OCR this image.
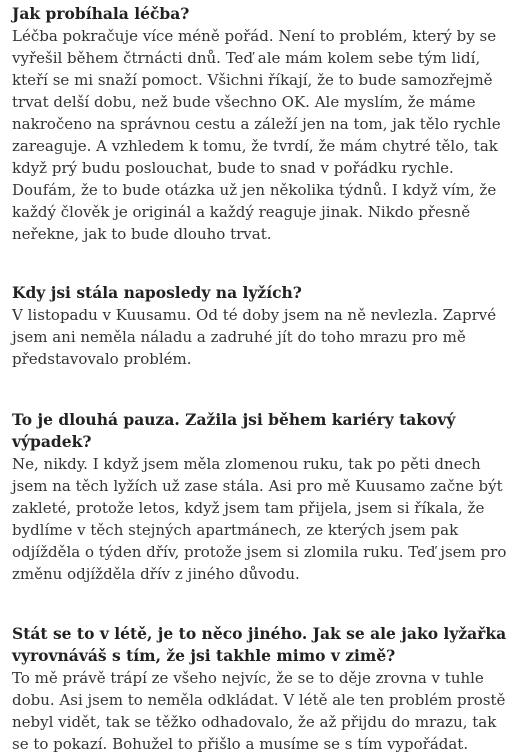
Jak probíhala léčba?

Léčba pokračuje více méně pořád. Není to problém, který by se vyřešil během čtrnácti dnů. Teď ale mám kolem sebe tým lidí, kteří se mi snaží pomoct. Všichni říkají, že to bude samozřejmě trvat delší dobu, než bude všechno OK. Ale myslím, že máme nakročeno na správnou cestu a záleží jen na tom, jak tělo rychle zareaguje. A vzhledem k tomu, že tvrdí, že mám chytré tělo, tak když prý budu poslouchat, bude to snad v pořádku rychle. Doufám, že to bude otázka už jen několika týdnů. I když vím, že každý člověk je originál a každý reaguje jinak. Nikdo přesně neřekne, jak to bude dlouho trvat.

Kdy jsi stála naposledy na lyžích?

V listopadu v Kuusamu. Od té doby jsem na ně nevlezla. Zaprvé jsem ani neměla náladu a zadruhé jít do toho mrazu pro mě představovalo problém.

To je dlouhá pauza. Zažila jsi během kariéry takový výpadek?

Ne, nikdy. I když jsem měla zlomenou ruku, tak po pěti dnech jsem na těch lyžích už zase stála. Asi pro mě Kuusamo začne být zakleté, protože letos, když jsem tam přijela, jsem si říkala, že bydlíme v těch stejných apartmánech, ze kterých jsem pak odjížděla o týden dřív, protože jsem si zlomila ruku. Teď jsem pro změnu odjížděla dřív z jiného důvodu.

Stát se to v létě, je to něco jiného. Jak se ale jako lyžařka vyrovnáváš s tím, že jsi takhle mimo v zimě?

To mě právě trápí ze všeho nejvíc, že se to děje zrovna v tuhle dobu. Asi jsem to neměla odkládat. V létě ale ten problém prostě nebyl vidět, tak se těžko odhadovalo, že až přijdu do mrazu, tak se to pokazí. Bohužel to přišlo a musíme se s tím vypořádat.
